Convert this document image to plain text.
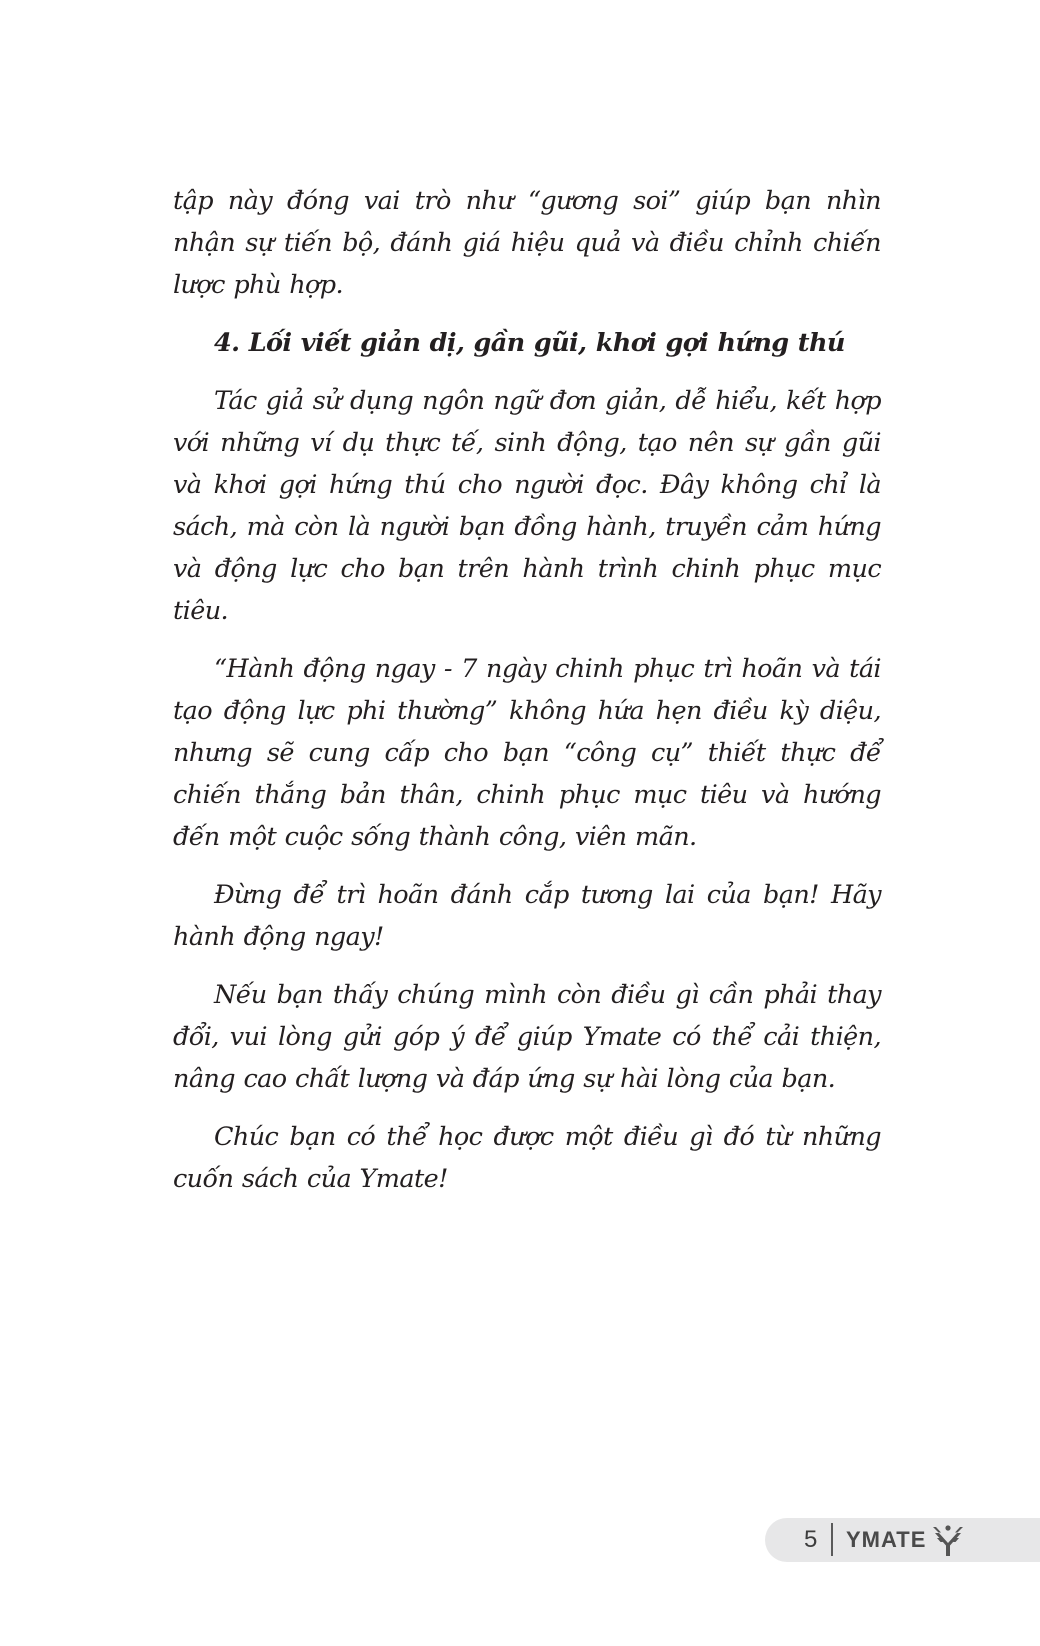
tập này đóng vai trò như “gương soi” giúp bạn nhìn nhận sự tiến bộ, đánh giá hiệu quả và điều chỉnh chiến lược phù hợp.

4. Lối viết giản dị, gần gũi, khơi gợi hứng thú

Tác giả sử dụng ngôn ngữ đơn giản, dễ hiểu, kết hợp với những ví dụ thực tế, sinh động, tạo nên sự gần gũi và khơi gợi hứng thú cho người đọc. Đây không chỉ là sách, mà còn là người bạn đồng hành, truyền cảm hứng và động lực cho bạn trên hành trình chinh phục mục tiêu.

“Hành động ngay - 7 ngày chinh phục trì hoãn và tái tạo động lực phi thường” không hứa hẹn điều kỳ diệu, nhưng sẽ cung cấp cho bạn “công cụ” thiết thực để chiến thắng bản thân, chinh phục mục tiêu và hướng đến một cuộc sống thành công, viên mãn.

Đừng để trì hoãn đánh cắp tương lai của bạn! Hãy hành động ngay!

Nếu bạn thấy chúng mình còn điều gì cần phải thay đổi, vui lòng gửi góp ý để giúp Ymate có thể cải thiện, nâng cao chất lượng và đáp ứng sự hài lòng của bạn.

Chúc bạn có thể học được một điều gì đó từ những cuốn sách của Ymate!

5 YMATE
